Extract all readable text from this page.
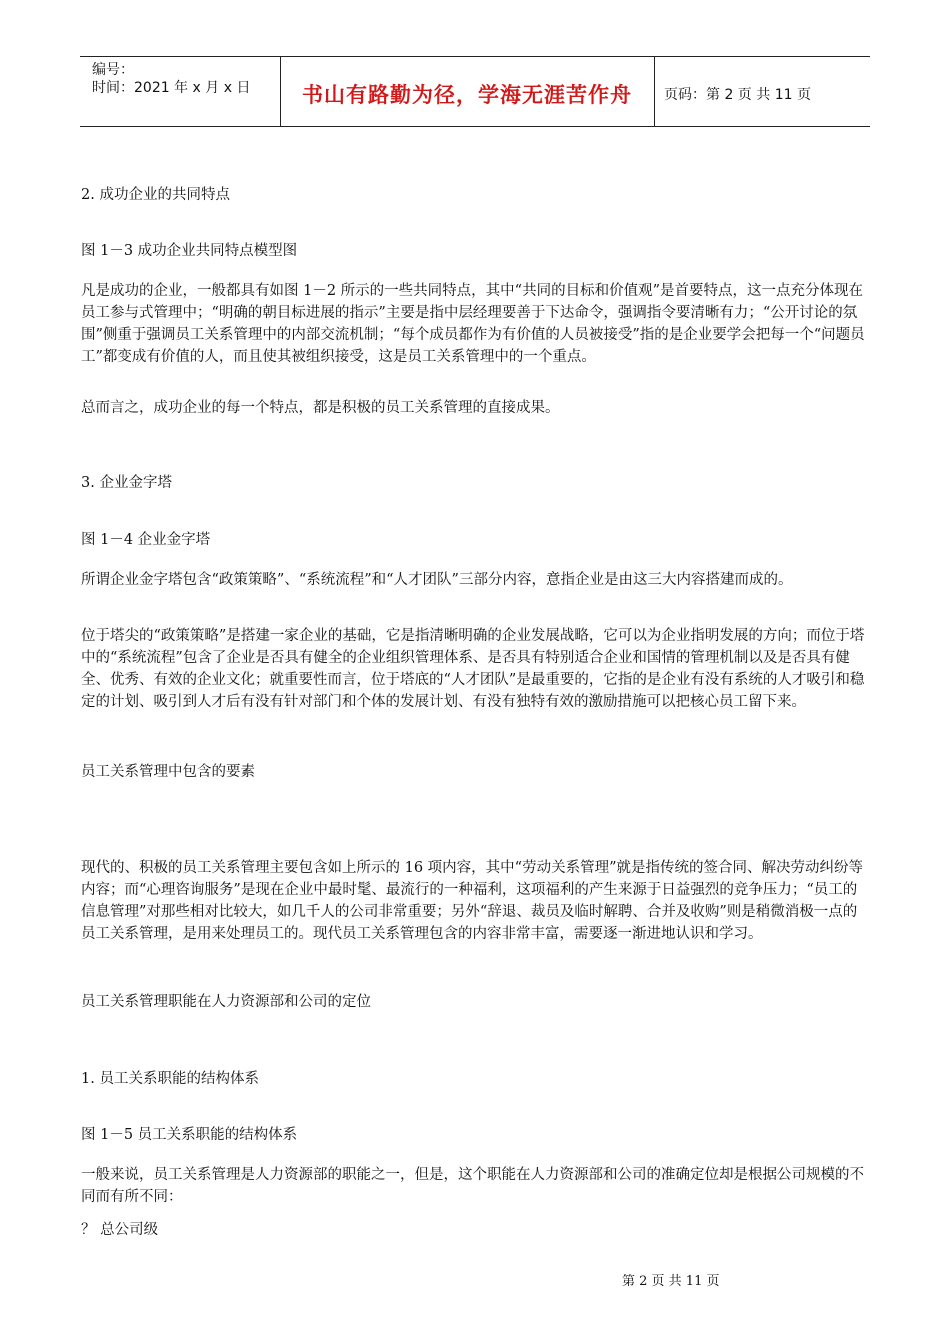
编号：
时间：2021 年 x 月 x 日	书山有路勤为径，学海无涯苦作舟	页码：第 2 页 共 11 页
2. 成功企业的共同特点
图 1－3 成功企业共同特点模型图
凡是成功的企业，一般都具有如图 1－2 所示的一些共同特点，其中“共同的目标和价值观”是首要特点，这一点充分体现在员工参与式管理中；“明确的朝目标进展的指示”主要是指中层经理要善于下达命令，强调指令要清晰有力；“公开讨论的氛围”侧重于强调员工关系管理中的内部交流机制；“每个成员都作为有价值的人员被接受”指的是企业要学会把每一个“问题员工”都变成有价值的人，而且使其被组织接受，这是员工关系管理中的一个重点。
总而言之，成功企业的每一个特点，都是积极的员工关系管理的直接成果。
3. 企业金字塔
图 1－4 企业金字塔
所谓企业金字塔包含“政策策略”、“系统流程”和“人才团队”三部分内容，意指企业是由这三大内容搭建而成的。
位于塔尖的“政策策略”是搭建一家企业的基础，它是指清晰明确的企业发展战略，它可以为企业指明发展的方向；而位于塔中的“系统流程”包含了企业是否具有健全的企业组织管理体系、是否具有特别适合企业和国情的管理机制以及是否具有健全、优秀、有效的企业文化；就重要性而言，位于塔底的“人才团队”是最重要的，它指的是企业有没有系统的人才吸引和稳定的计划、吸引到人才后有没有针对部门和个体的发展计划、有没有独特有效的激励措施可以把核心员工留下来。
员工关系管理中包含的要素
现代的、积极的员工关系管理主要包含如上所示的 16 项内容，其中“劳动关系管理”就是指传统的签合同、解决劳动纠纷等内容；而“心理咨询服务”是现在企业中最时髦、最流行的一种福利，这项福利的产生来源于日益强烈的竞争压力；“员工的信息管理”对那些相对比较大，如几千人的公司非常重要；另外“辞退、裁员及临时解聘、合并及收购”则是稍微消极一点的员工关系管理，是用来处理员工的。现代员工关系管理包含的内容非常丰富，需要逐一渐进地认识和学习。
员工关系管理职能在人力资源部和公司的定位
1. 员工关系职能的结构体系
图 1－5 员工关系职能的结构体系
一般来说，员工关系管理是人力资源部的职能之一，但是，这个职能在人力资源部和公司的准确定位却是根据公司规模的不同而有所不同：
？ 总公司级
第 2 页 共 11 页
